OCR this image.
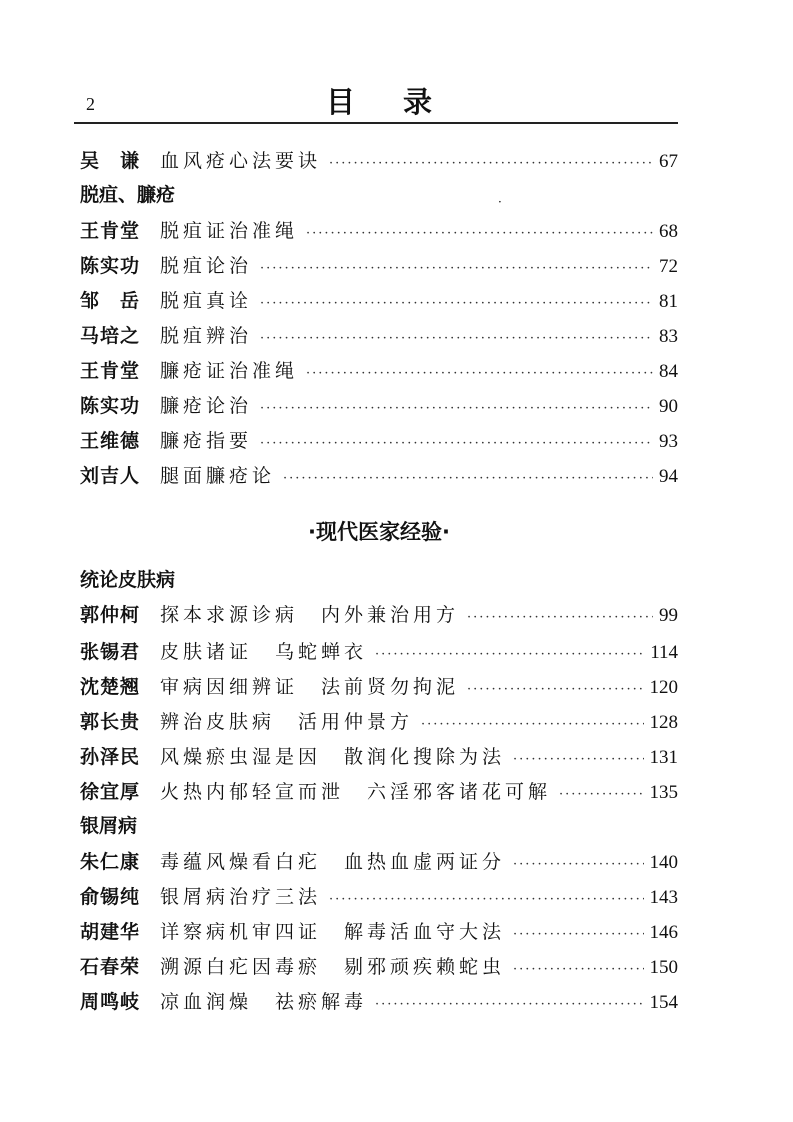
2	目录
·
吴　谦	血风疮心法要诀 ·····	67
脱疽、臁疮
王肯堂	脱疽证治准绳 ·····	68
陈实功	脱疽论治 ·····	72
邹　岳	脱疽真诠 ·····	81
马培之	脱疽辨治 ·····	83
王肯堂	臁疮证治准绳 ·····	84
陈实功	臁疮论治 ·····	90
王维德	臁疮指要 ·····	93
刘吉人	腿面臁疮论 ·····	94
·现代医家经验·
统论皮肤病
郭仲柯	探本求源诊病　内外兼治用方 ·····	99
张锡君	皮肤诸证　乌蛇蝉衣 ·····	114
沈楚翘	审病因细辨证　法前贤勿拘泥 ·····	120
郭长贵	辨治皮肤病　活用仲景方 ·····	128
孙泽民	风燥瘀虫湿是因　散润化搜除为法 ·····	131
徐宜厚	火热内郁轻宣而泄　六淫邪客诸花可解 ·····	135
银屑病
朱仁康	毒蕴风燥看白疕　血热血虚两证分 ·····	140
俞锡纯	银屑病治疗三法 ·····	143
胡建华	详察病机审四证　解毒活血守大法 ·····	146
石春荣	溯源白疕因毒瘀　剔邪顽疾赖蛇虫 ·····	150
周鸣岐	凉血润燥　祛瘀解毒 ·····	154
